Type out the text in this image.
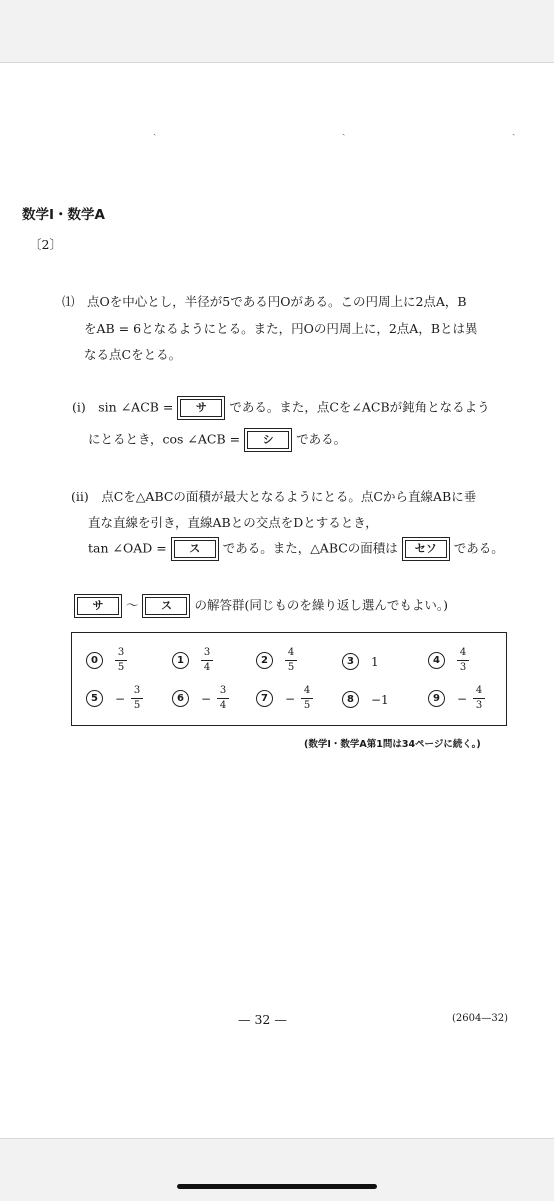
ˎ	ˎ	ˎ
数学Ⅰ・数学A
〔2〕
⑴　点Oを中心とし，半径が5である円Oがある。この円周上に2点A，B
をAB = 6となるようにとる。また，円Oの円周上に，2点A，Bとは異
なる点Cをとる。
(i)　sin ∠ACB = サ である。また，点Cを∠ACBが鈍角となるよう
にとるとき，cos ∠ACB = シ である。
(ii)　点Cを△ABCの面積が最大となるようにとる。点Cから直線ABに垂
直な直線を引き，直線ABとの交点をDとするとき，
tan ∠OAD = ス である。また，△ABCの面積は セソ である。
サ ～ ス の解答群(同じものを繰り返し選んでもよい。)
0	$\frac{3}{5}$	1	$\frac{3}{4}$	2	$\frac{4}{5}$	3	1	4	$\frac{4}{3}$
5	− $\frac{3}{5}$	6	− $\frac{3}{4}$	7	− $\frac{4}{5}$	8	−1	9	− $\frac{4}{3}$
(数学Ⅰ・数学A第1問は34ページに続く。)
— 32 —	(2604—32)
